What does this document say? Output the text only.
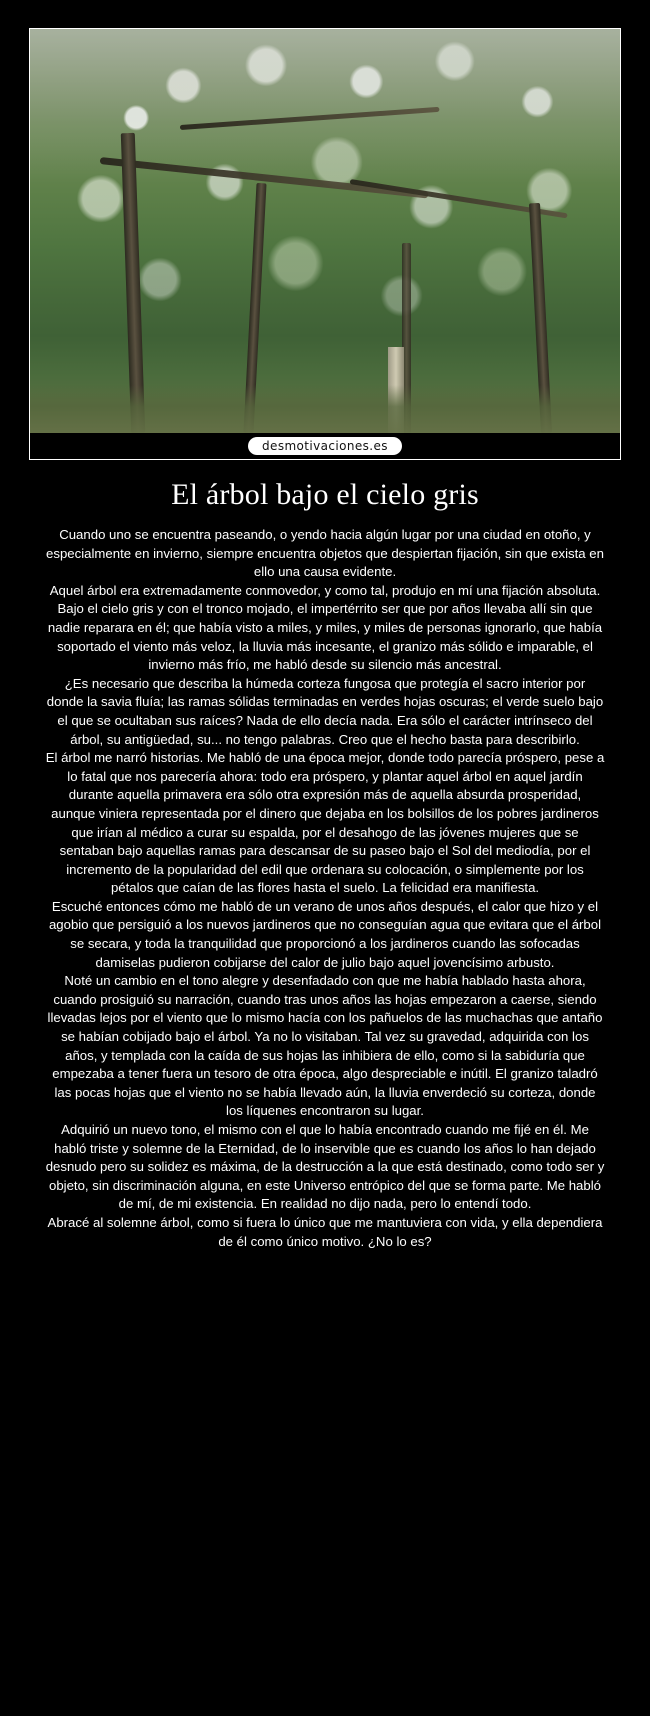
desmotivaciones.es
El árbol bajo el cielo gris

Cuando uno se encuentra paseando, o yendo hacia algún lugar por una ciudad en otoño, y especialmente en invierno, siempre encuentra objetos que despiertan fijación, sin que exista en ello una causa evidente.

Aquel árbol era extremadamente conmovedor, y como tal, produjo en mí una fijación absoluta.

Bajo el cielo gris y con el tronco mojado, el impertérrito ser que por años llevaba allí sin que nadie reparara en él; que había visto a miles, y miles, y miles de personas ignorarlo, que había soportado el viento más veloz, la lluvia más incesante, el granizo más sólido e imparable, el invierno más frío, me habló desde su silencio más ancestral.

¿Es necesario que describa la húmeda corteza fungosa que protegía el sacro interior por donde la savia fluía; las ramas sólidas terminadas en verdes hojas oscuras; el verde suelo bajo el que se ocultaban sus raíces? Nada de ello decía nada. Era sólo el carácter intrínseco del árbol, su antigüedad, su... no tengo palabras. Creo que el hecho basta para describirlo.

El árbol me narró historias. Me habló de una época mejor, donde todo parecía próspero, pese a lo fatal que nos parecería ahora: todo era próspero, y plantar aquel árbol en aquel jardín durante aquella primavera era sólo otra expresión más de aquella absurda prosperidad, aunque viniera representada por el dinero que dejaba en los bolsillos de los pobres jardineros que irían al médico a curar su espalda, por el desahogo de las jóvenes mujeres que se sentaban bajo aquellas ramas para descansar de su paseo bajo el Sol del mediodía, por el incremento de la popularidad del edil que ordenara su colocación, o simplemente por los pétalos que caían de las flores hasta el suelo. La felicidad era manifiesta.

Escuché entonces cómo me habló de un verano de unos años después, el calor que hizo y el agobio que persiguió a los nuevos jardineros que no conseguían agua que evitara que el árbol se secara, y toda la tranquilidad que proporcionó a los jardineros cuando las sofocadas damiselas pudieron cobijarse del calor de julio bajo aquel jovencísimo arbusto.

Noté un cambio en el tono alegre y desenfadado con que me había hablado hasta ahora, cuando prosiguió su narración, cuando tras unos años las hojas empezaron a caerse, siendo llevadas lejos por el viento que lo mismo hacía con los pañuelos de las muchachas que antaño se habían cobijado bajo el árbol. Ya no lo visitaban. Tal vez su gravedad, adquirida con los años, y templada con la caída de sus hojas las inhibiera de ello, como si la sabiduría que empezaba a tener fuera un tesoro de otra época, algo despreciable e inútil. El granizo taladró las pocas hojas que el viento no se había llevado aún, la lluvia enverdeció su corteza, donde los líquenes encontraron su lugar.

Adquirió un nuevo tono, el mismo con el que lo había encontrado cuando me fijé en él. Me habló triste y solemne de la Eternidad, de lo inservible que es cuando los años lo han dejado desnudo pero su solidez es máxima, de la destrucción a la que está destinado, como todo ser y objeto, sin discriminación alguna, en este Universo entrópico del que se forma parte. Me habló de mí, de mi existencia. En realidad no dijo nada, pero lo entendí todo.

Abracé al solemne árbol, como si fuera lo único que me mantuviera con vida, y ella dependiera de él como único motivo. ¿No lo es?
